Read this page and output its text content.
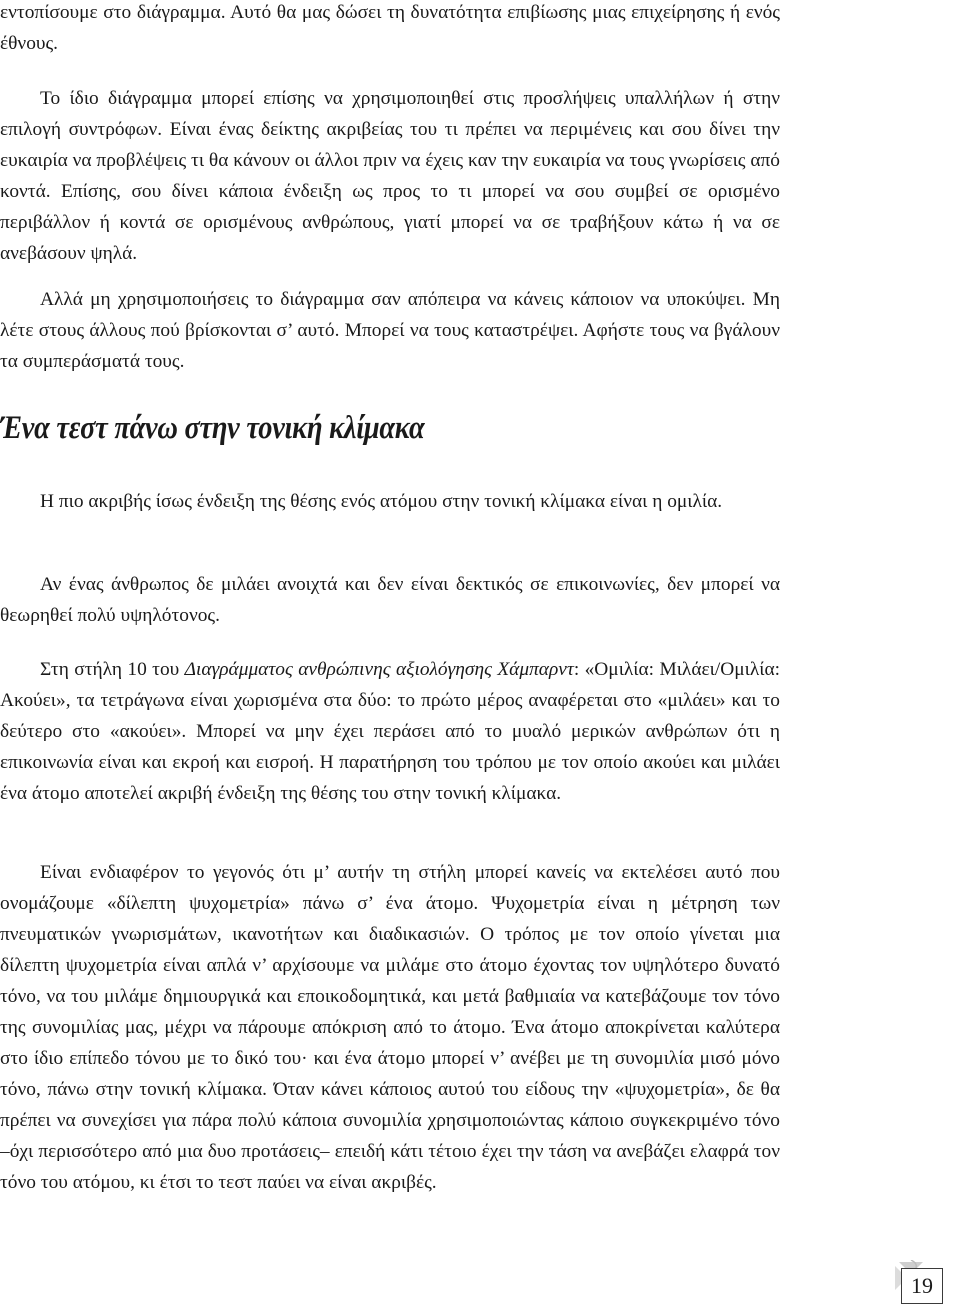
εντοπίσουμε στο διάγραμμα. Αυτό θα μας δώσει τη δυνατότητα επιβίωσης μιας επιχείρησης ή ενός έθνους.

Το ίδιο διάγραμμα μπορεί επίσης να χρησιμοποιηθεί στις προσλήψεις υπαλλήλων ή στην επιλογή συντρόφων. Είναι ένας δείκτης ακριβείας του τι πρέπει να περιμένεις και σου δίνει την ευκαιρία να προβλέψεις τι θα κάνουν οι άλλοι πριν να έχεις καν την ευκαιρία να τους γνωρίσεις από κοντά. Επίσης, σου δίνει κάποια ένδειξη ως προς το τι μπορεί να σου συμβεί σε ορισμένο περιβάλλον ή κοντά σε ορισμένους ανθρώπους, γιατί μπορεί να σε τραβήξουν κάτω ή να σε ανεβάσουν ψηλά.

Αλλά μη χρησιμοποιήσεις το διάγραμμα σαν απόπειρα να κάνεις κάποιον να υποκύψει. Μη λέτε στους άλλους πού βρίσκονται σ’ αυτό. Μπορεί να τους καταστρέψει. Αφήστε τους να βγάλουν τα συμπεράσματά τους.

Ένα τεστ πάνω στην τονική κλίμακα

Η πιο ακριβής ίσως ένδειξη της θέσης ενός ατόμου στην τονική κλίμακα είναι η ομιλία.

Αν ένας άνθρωπος δε μιλάει ανοιχτά και δεν είναι δεκτικός σε επικοινωνίες, δεν μπορεί να θεωρηθεί πολύ υψηλότονος.

Στη στήλη 10 του Διαγράμματος ανθρώπινης αξιολόγησης Χάμπαρντ: «Ομιλία: Μιλάει/Ομιλία: Ακούει», τα τετράγωνα είναι χωρισμένα στα δύο: το πρώτο μέρος αναφέρεται στο «μιλάει» και το δεύτερο στο «ακούει». Μπορεί να μην έχει περάσει από το μυαλό μερικών ανθρώπων ότι η επικοινωνία είναι και εκροή και εισροή. Η παρατήρηση του τρόπου με τον οποίο ακούει και μιλάει ένα άτομο αποτελεί ακριβή ένδειξη της θέσης του στην τονική κλίμακα.

Είναι ενδιαφέρον το γεγονός ότι μ’ αυτήν τη στήλη μπορεί κανείς να εκτελέσει αυτό που ονομάζουμε «δίλεπτη ψυχομετρία» πάνω σ’ ένα άτομο. Ψυχομετρία είναι η μέτρηση των πνευματικών γνωρισμάτων, ικανοτήτων και διαδικασιών. Ο τρόπος με τον οποίο γίνεται μια δίλεπτη ψυχομετρία είναι απλά ν’ αρχίσουμε να μιλάμε στο άτομο έχοντας τον υψηλότερο δυνατό τόνο, να του μιλάμε δημιουργικά και εποικοδομητικά, και μετά βαθμιαία να κατεβάζουμε τον τόνο της συνομιλίας μας, μέχρι να πάρουμε απόκριση από το άτομο. Ένα άτομο αποκρίνεται καλύτερα στο ίδιο επίπεδο τόνου με το δικό του· και ένα άτομο μπορεί ν’ ανέβει με τη συνομιλία μισό μόνο τόνο, πάνω στην τονική κλίμακα. Όταν κάνει κάποιος αυτού του είδους την «ψυχομετρία», δε θα πρέπει να συνεχίσει για πάρα πολύ κάποια συνομιλία χρησιμοποιώντας κάποιο συγκεκριμένο τόνο –όχι περισσότερο από μια δυο προτάσεις– επειδή κάτι τέτοιο έχει την τάση να ανεβάζει ελαφρά τον τόνο του ατόμου, κι έτσι το τεστ παύει να είναι ακριβές.

19
